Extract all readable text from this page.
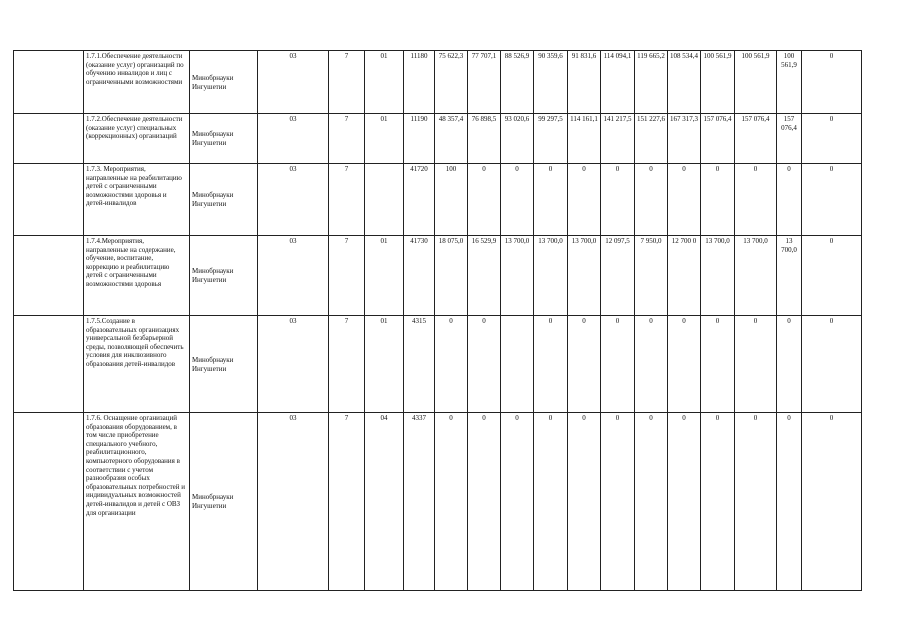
	1.7.1.Обеспечение деятельности (оказание услуг) организаций по обучению инвалидов и лиц с ограниченными возможностями	Минобрнауки Ингушетии	03	7	01	11180	75 622,3	77 707,1	88 526,9	90 359,6	91 831,6	114 094,1	119 665,2	108 534,4	100 561,9	100 561,9	100 561,9	0
	1.7.2.Обеспечение деятельности (оказание услуг) специальных (коррекционных) организаций	Минобрнауки Ингушетии	03	7	01	11190	48 357,4	76 898,5	93 020,6	99 297,5	114 161,1	141 217,5	151 227,6	167 317,3	157 076,4	157 076,4	157 076,4	0
	1.7.3. Мероприятия, направленные на реабилитацию детей с ограниченными возможностями здоровья и детей-инвалидов	Минобрнауки Ингушетии	03	7		41720	100	0	0	0	0	0	0	0	0	0	0	0
	1.7.4.Мероприятия, направленные на содержание, обучение, воспитание, коррекцию и реабилитацию детей с ограниченными возможностями здоровья	Минобрнауки Ингушетии	03	7	01	41730	18 075,0	16 529,9	13 700,0	13 700,0	13 700,0	12 097,5	7 950,0	12 700 0	13 700,0	13 700,0	13 700,0	0
	1.7.5.Создание в образовательных организациях универсальной безбарьерной среды, позволяющей обеспечить условия для инклюзивного образования детей-инвалидов	Минобрнауки Ингушетии	03	7	01	4315	0	0		0	0	0	0	0	0	0	0	0
	1.7.6. Оснащение организаций образования оборудованием, в том числе приобретение специального учебного, реабилитационного, компьютерного оборудования в соответствии с учетом разнообразия особых образовательных потребностей и индивидуальных возможностей детей-инвалидов и детей с ОВЗ для организации	Минобрнауки Ингушетии	03	7	04	4337	0	0	0	0	0	0	0	0	0	0	0	0
